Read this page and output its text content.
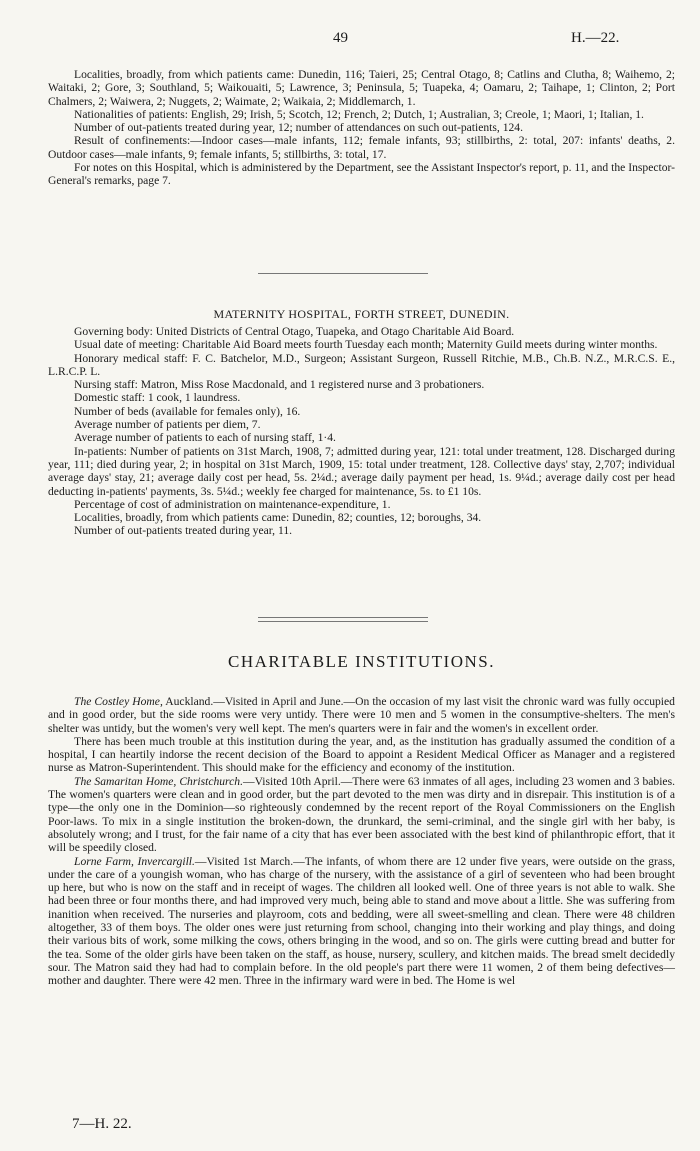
49	H.—22.

Localities, broadly, from which patients came: Dunedin, 116; Taieri, 25; Central Otago, 8; Catlins and Clutha, 8; Waihemo, 2; Waitaki, 2; Gore, 3; Southland, 5; Waikouaiti, 5; Lawrence, 3; Peninsula, 5; Tuapeka, 4; Oamaru, 2; Taihape, 1; Clinton, 2; Port Chalmers, 2; Waiwera, 2; Nuggets, 2; Waimate, 2; Waikaia, 2; Middlemarch, 1.

Nationalities of patients: English, 29; Irish, 5; Scotch, 12; French, 2; Dutch, 1; Australian, 3; Creole, 1; Maori, 1; Italian, 1.

Number of out-patients treated during year, 12; number of attendances on such out-patients, 124.

Result of confinements:—Indoor cases—male infants, 112; female infants, 93; stillbirths, 2: total, 207: infants' deaths, 2. Outdoor cases—male infants, 9; female infants, 5; stillbirths, 3: total, 17.

For notes on this Hospital, which is administered by the Department, see the Assistant Inspector's report, p. 11, and the Inspector-General's remarks, page 7.

MATERNITY HOSPITAL, FORTH STREET, DUNEDIN.

Governing body: United Districts of Central Otago, Tuapeka, and Otago Charitable Aid Board.

Usual date of meeting: Charitable Aid Board meets fourth Tuesday each month; Maternity Guild meets during winter months.

Honorary medical staff: F. C. Batchelor, M.D., Surgeon; Assistant Surgeon, Russell Ritchie, M.B., Ch.B. N.Z., M.R.C.S. E., L.R.C.P. L.

Nursing staff: Matron, Miss Rose Macdonald, and 1 registered nurse and 3 probationers.

Domestic staff: 1 cook, 1 laundress.

Number of beds (available for females only), 16.

Average number of patients per diem, 7.

Average number of patients to each of nursing staff, 1·4.

In-patients: Number of patients on 31st March, 1908, 7; admitted during year, 121: total under treatment, 128. Discharged during year, 111; died during year, 2; in hospital on 31st March, 1909, 15: total under treatment, 128. Collective days' stay, 2,707; individual average days' stay, 21; average daily cost per head, 5s. 2¼d.; average daily payment per head, 1s. 9¼d.; average daily cost per head deducting in-patients' payments, 3s. 5¼d.; weekly fee charged for maintenance, 5s. to £1 10s.

Percentage of cost of administration on maintenance-expenditure, 1.

Localities, broadly, from which patients came: Dunedin, 82; counties, 12; boroughs, 34.

Number of out-patients treated during year, 11.

CHARITABLE INSTITUTIONS.

The Costley Home, Auckland.—Visited in April and June.—On the occasion of my last visit the chronic ward was fully occupied and in good order, but the side rooms were very untidy. There were 10 men and 5 women in the consumptive-shelters. The men's shelter was untidy, but the women's very well kept. The men's quarters were in fair and the women's in excellent order.

There has been much trouble at this institution during the year, and, as the institution has gradually assumed the condition of a hospital, I can heartily indorse the recent decision of the Board to appoint a Resident Medical Officer as Manager and a registered nurse as Matron-Superintendent. This should make for the efficiency and economy of the institution.

The Samaritan Home, Christchurch.—Visited 10th April.—There were 63 inmates of all ages, including 23 women and 3 babies. The women's quarters were clean and in good order, but the part devoted to the men was dirty and in disrepair. This institution is of a type—the only one in the Dominion—so righteously condemned by the recent report of the Royal Commissioners on the English Poor-laws. To mix in a single institution the broken-down, the drunkard, the semi-criminal, and the single girl with her baby, is absolutely wrong; and I trust, for the fair name of a city that has ever been associated with the best kind of philanthropic effort, that it will be speedily closed.

Lorne Farm, Invercargill.—Visited 1st March.—The infants, of whom there are 12 under five years, were outside on the grass, under the care of a youngish woman, who has charge of the nursery, with the assistance of a girl of seventeen who had been brought up here, but who is now on the staff and in receipt of wages. The children all looked well. One of three years is not able to walk. She had been three or four months there, and had improved very much, being able to stand and move about a little. She was suffering from inanition when received. The nurseries and playroom, cots and bedding, were all sweet-smelling and clean. There were 48 children altogether, 33 of them boys. The older ones were just returning from school, changing into their working and play things, and doing their various bits of work, some milking the cows, others bringing in the wood, and so on. The girls were cutting bread and butter for the tea. Some of the older girls have been taken on the staff, as house, nursery, scullery, and kitchen maids. The bread smelt decidedly sour. The Matron said they had had to complain before. In the old people's part there were 11 women, 2 of them being defectives—mother and daughter. There were 42 men. Three in the infirmary ward were in bed. The Home is wel

7—H. 22.
